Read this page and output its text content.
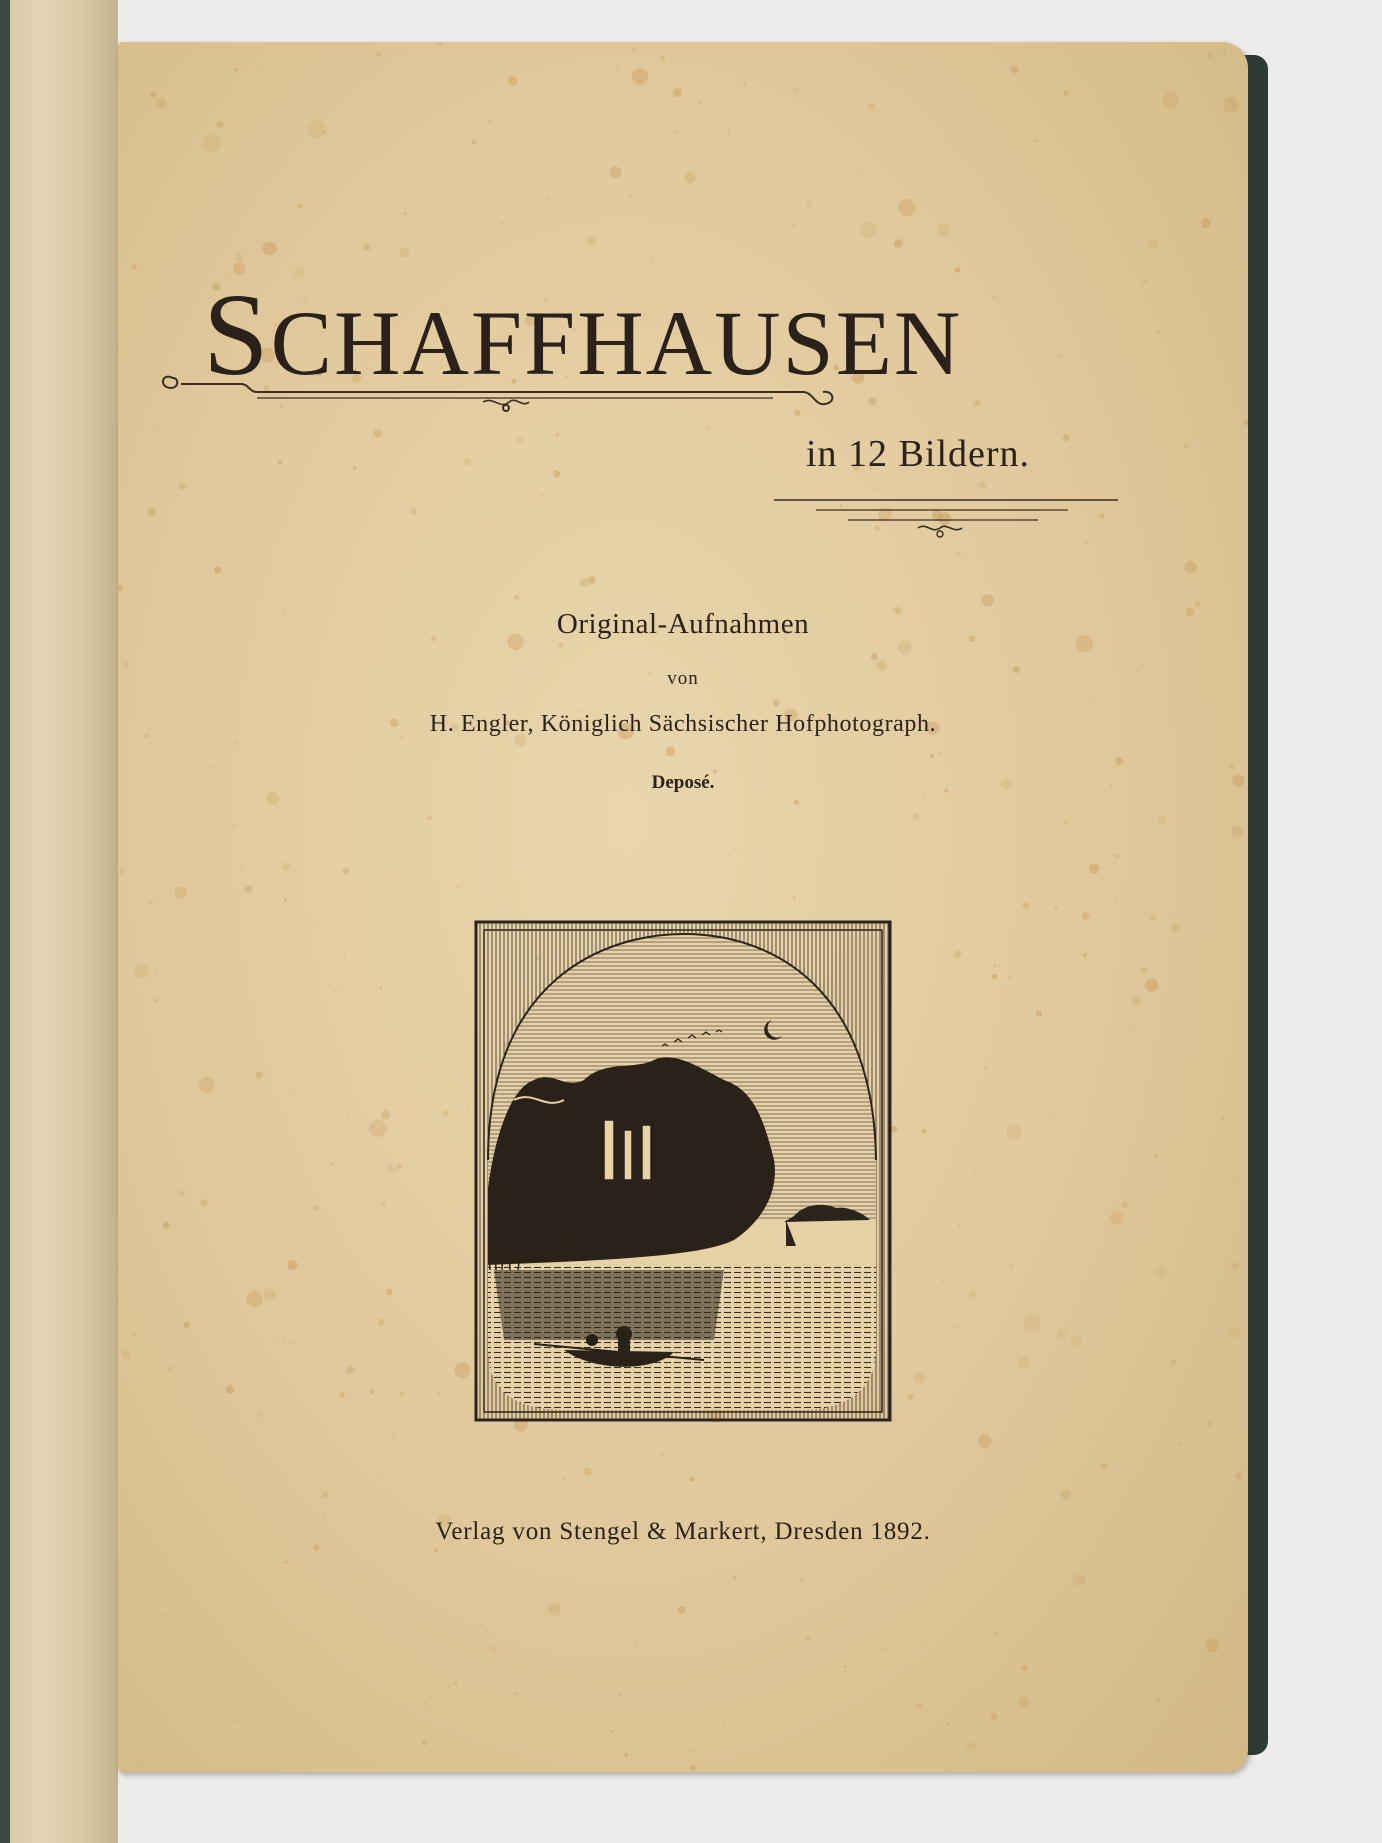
SCHAFFHAUSEN
in 12 Bildern.
Original-Aufnahmen
von
H. Engler, Königlich Sächsischer Hofphotograph.
Deposé.
Verlag von Stengel & Markert, Dresden 1892.
